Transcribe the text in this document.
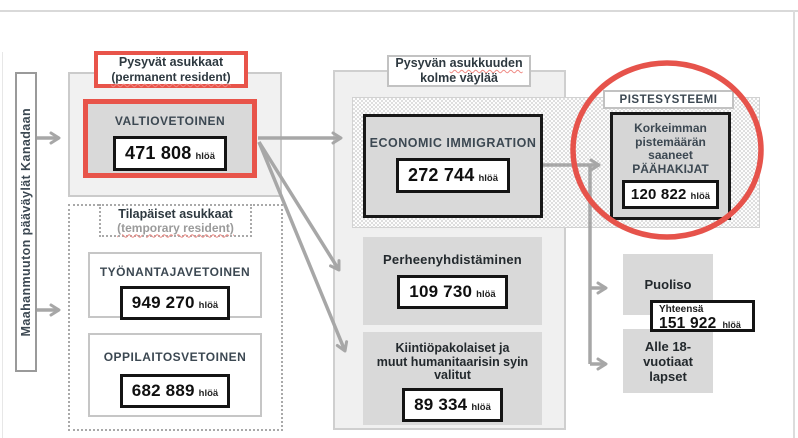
Maahanmuuton pääväylät Kanadaan
Pysyvät asukkaat
(permanent resident)
Tilapäiset asukkaat
(temporary resident)
Pysyvän asukkuuden
kolme väylää
PISTESYSTEEMI
VALTIOVETOINEN
471 808 hlöä
TYÖNANTAJAVETOINEN
949 270 hlöä
OPPILAITOSVETOINEN
682 889 hlöä
ECONOMIC IMMIGRATION
272 744 hlöä
Perheenyhdistäminen
109 730 hlöä
Kiintiöpakolaiset ja
muut humanitaarisin syin
valitut
89 334 hlöä
Korkeimman
pistemäärän
saaneet
PÄÄHAKIJAT
120 822 hlöä
Puoliso
Alle 18-
vuotiaat
lapset
Yhteensä
151 922 hlöä
